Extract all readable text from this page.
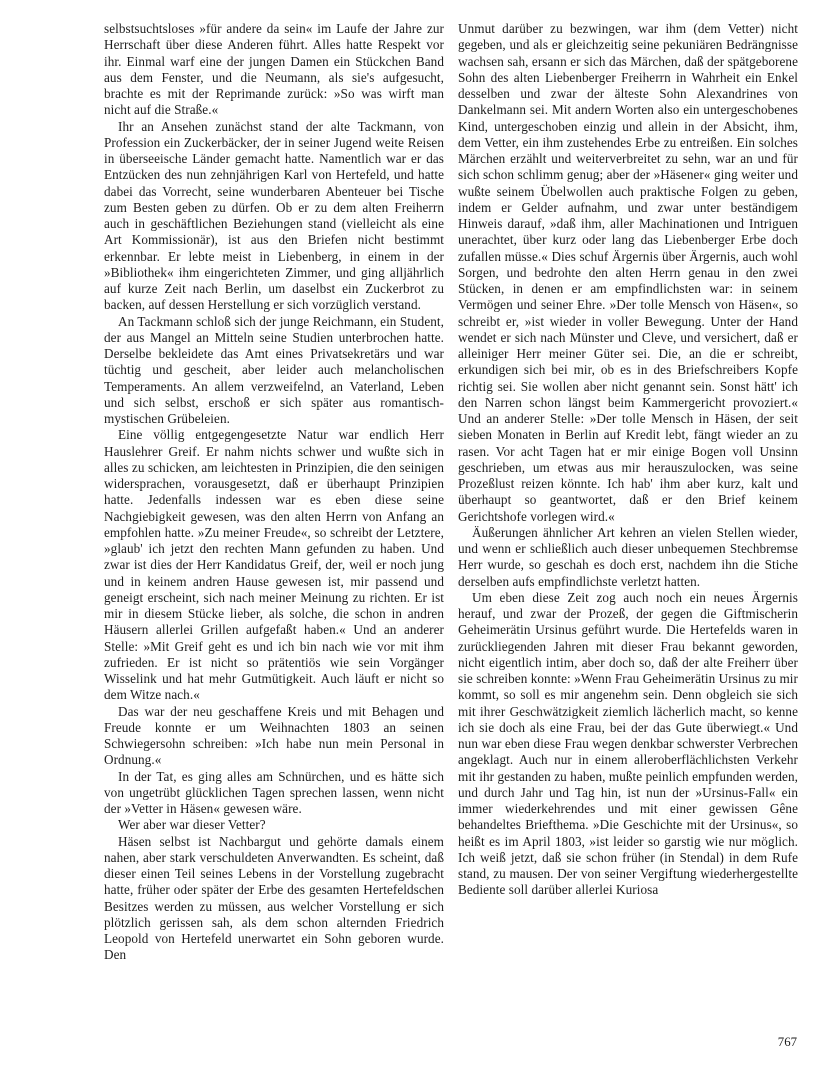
selbstsuchtsloses »für andere da sein« im Laufe der Jahre zur Herrschaft über diese Anderen führt. Alles hatte Respekt vor ihr. Einmal warf eine der jungen Damen ein Stückchen Band aus dem Fenster, und die Neumann, als sie's aufgesucht, brachte es mit der Reprimande zurück: »So was wirft man nicht auf die Straße.«

Ihr an Ansehen zunächst stand der alte Tackmann, von Profession ein Zuckerbäcker, der in seiner Jugend weite Reisen in überseeische Länder gemacht hatte. Namentlich war er das Entzücken des nun zehnjährigen Karl von Hertefeld, und hatte dabei das Vorrecht, seine wunderbaren Abenteuer bei Tische zum Besten geben zu dürfen. Ob er zu dem alten Freiherrn auch in geschäftlichen Beziehungen stand (vielleicht als eine Art Kommissionär), ist aus den Briefen nicht bestimmt erkennbar. Er lebte meist in Liebenberg, in einem in der »Bibliothek« ihm eingerichteten Zimmer, und ging alljährlich auf kurze Zeit nach Berlin, um daselbst ein Zuckerbrot zu backen, auf dessen Herstellung er sich vorzüglich verstand.

An Tackmann schloß sich der junge Reichmann, ein Student, der aus Mangel an Mitteln seine Studien unterbrochen hatte. Derselbe bekleidete das Amt eines Privatsekretärs und war tüchtig und gescheit, aber leider auch melancholischen Temperaments. An allem verzweifelnd, an Vaterland, Leben und sich selbst, erschoß er sich später aus romantisch-mystischen Grübeleien.

Eine völlig entgegengesetzte Natur war endlich Herr Hauslehrer Greif. Er nahm nichts schwer und wußte sich in alles zu schicken, am leichtesten in Prinzipien, die den seinigen widersprachen, vorausgesetzt, daß er überhaupt Prinzipien hatte. Jedenfalls indessen war es eben diese seine Nachgiebigkeit gewesen, was den alten Herrn von Anfang an empfohlen hatte. »Zu meiner Freude«, so schreibt der Letztere, »glaub' ich jetzt den rechten Mann gefunden zu haben. Und zwar ist dies der Herr Kandidatus Greif, der, weil er noch jung und in keinem andren Hause gewesen ist, mir passend und geneigt erscheint, sich nach meiner Meinung zu richten. Er ist mir in diesem Stücke lieber, als solche, die schon in andren Häusern allerlei Grillen aufgefaßt haben.« Und an anderer Stelle: »Mit Greif geht es und ich bin nach wie vor mit ihm zufrieden. Er ist nicht so prätentiös wie sein Vorgänger Wisselink und hat mehr Gutmütigkeit. Auch läuft er nicht so dem Witze nach.«

Das war der neu geschaffene Kreis und mit Behagen und Freude konnte er um Weihnachten 1803 an seinen Schwiegersohn schreiben: »Ich habe nun mein Personal in Ordnung.«

In der Tat, es ging alles am Schnürchen, und es hätte sich von ungetrübt glücklichen Tagen sprechen lassen, wenn nicht der »Vetter in Häsen« gewesen wäre.

Wer aber war dieser Vetter?

Häsen selbst ist Nachbargut und gehörte damals einem nahen, aber stark verschuldeten Anverwandten. Es scheint, daß dieser einen Teil seines Lebens in der Vorstellung zugebracht hatte, früher oder später der Erbe des gesamten Hertefeldschen Besitzes werden zu müssen, aus welcher Vorstellung er sich plötzlich gerissen sah, als dem schon alternden Friedrich Leopold von Hertefeld unerwartet ein Sohn geboren wurde. Den

Unmut darüber zu bezwingen, war ihm (dem Vetter) nicht gegeben, und als er gleichzeitig seine pekuniären Bedrängnisse wachsen sah, ersann er sich das Märchen, daß der spätgeborene Sohn des alten Liebenberger Freiherrn in Wahrheit ein Enkel desselben und zwar der älteste Sohn Alexandrines von Dankelmann sei. Mit andern Worten also ein untergeschobenes Kind, untergeschoben einzig und allein in der Absicht, ihm, dem Vetter, ein ihm zustehendes Erbe zu entreißen. Ein solches Märchen erzählt und weiterverbreitet zu sehn, war an und für sich schon schlimm genug; aber der »Häsener« ging weiter und wußte seinem Übelwollen auch praktische Folgen zu geben, indem er Gelder aufnahm, und zwar unter beständigem Hinweis darauf, »daß ihm, aller Machinationen und Intriguen unerachtet, über kurz oder lang das Liebenberger Erbe doch zufallen müsse.« Dies schuf Ärgernis über Ärgernis, auch wohl Sorgen, und bedrohte den alten Herrn genau in den zwei Stücken, in denen er am empfindlichsten war: in seinem Vermögen und seiner Ehre. »Der tolle Mensch von Häsen«, so schreibt er, »ist wieder in voller Bewegung. Unter der Hand wendet er sich nach Münster und Cleve, und versichert, daß er alleiniger Herr meiner Güter sei. Die, an die er schreibt, erkundigen sich bei mir, ob es in des Briefschreibers Kopfe richtig sei. Sie wollen aber nicht genannt sein. Sonst hätt' ich den Narren schon längst beim Kammergericht provoziert.« Und an anderer Stelle: »Der tolle Mensch in Häsen, der seit sieben Monaten in Berlin auf Kredit lebt, fängt wieder an zu rasen. Vor acht Tagen hat er mir einige Bogen voll Unsinn geschrieben, um etwas aus mir herauszulocken, was seine Prozeßlust reizen könnte. Ich hab' ihm aber kurz, kalt und überhaupt so geantwortet, daß er den Brief keinem Gerichtshofe vorlegen wird.«

Äußerungen ähnlicher Art kehren an vielen Stellen wieder, und wenn er schließlich auch dieser unbequemen Stechbremse Herr wurde, so geschah es doch erst, nachdem ihn die Stiche derselben aufs empfindlichste verletzt hatten.

Um eben diese Zeit zog auch noch ein neues Ärgernis herauf, und zwar der Prozeß, der gegen die Giftmischerin Geheimerätin Ursinus geführt wurde. Die Hertefelds waren in zurückliegenden Jahren mit dieser Frau bekannt geworden, nicht eigentlich intim, aber doch so, daß der alte Freiherr über sie schreiben konnte: »Wenn Frau Geheimerätin Ursinus zu mir kommt, so soll es mir angenehm sein. Denn obgleich sie sich mit ihrer Geschwätzigkeit ziemlich lächerlich macht, so kenne ich sie doch als eine Frau, bei der das Gute überwiegt.« Und nun war eben diese Frau wegen denkbar schwerster Verbrechen angeklagt. Auch nur in einem alleroberflächlichsten Verkehr mit ihr gestanden zu haben, mußte peinlich empfunden werden, und durch Jahr und Tag hin, ist nun der »Ursinus-Fall« ein immer wiederkehrendes und mit einer gewissen Gêne behandeltes Briefthema. »Die Geschichte mit der Ursinus«, so heißt es im April 1803, »ist leider so garstig wie nur möglich. Ich weiß jetzt, daß sie schon früher (in Stendal) in dem Rufe stand, zu mausen. Der von seiner Vergiftung wiederhergestellte Bediente soll darüber allerlei Kuriosa

767
